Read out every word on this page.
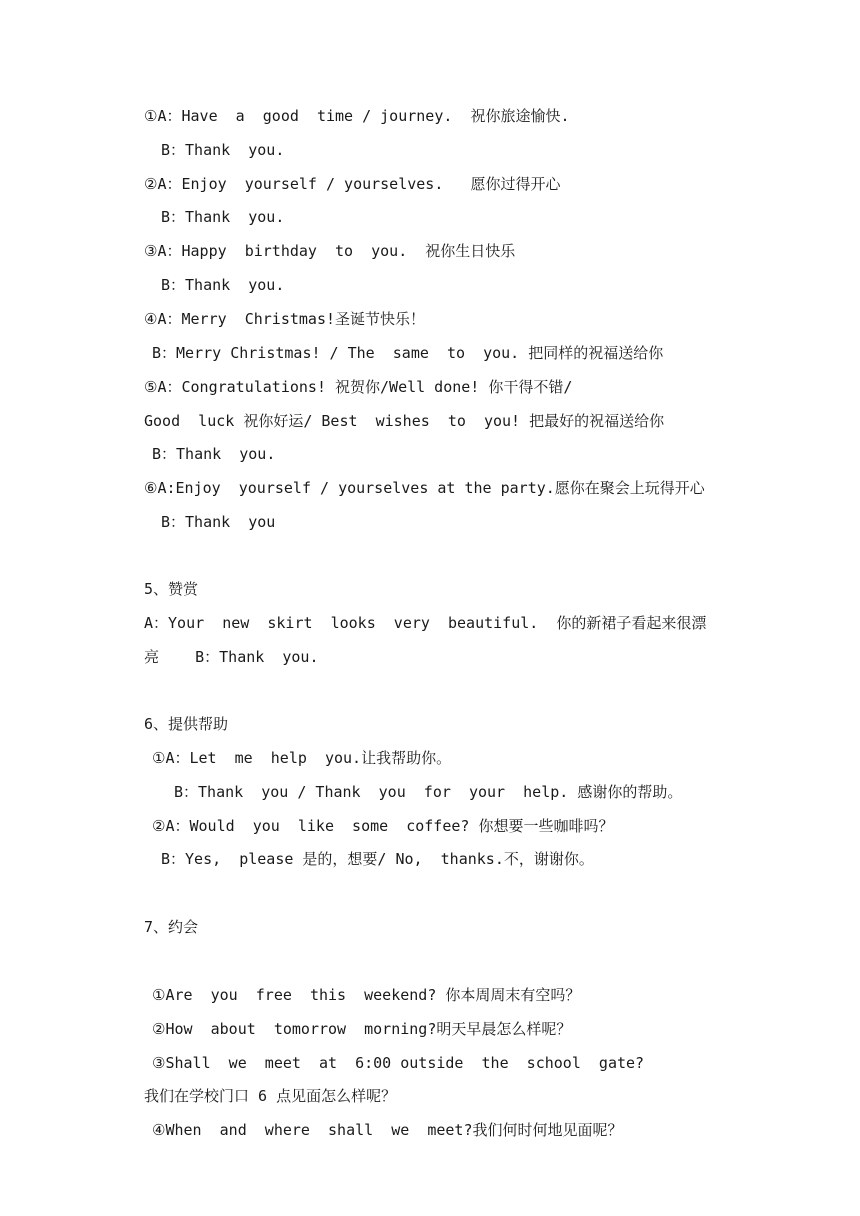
①A：Have  a  good  time / journey.  祝你旅途愉快.

B：Thank  you.

②A：Enjoy  yourself / yourselves.   愿你过得开心

B：Thank  you.

③A：Happy  birthday  to  you.  祝你生日快乐

B：Thank  you.

④A：Merry  Christmas!圣诞节快乐！

B：Merry Christmas! / The  same  to  you. 把同样的祝福送给你

⑤A：Congratulations! 祝贺你/Well done! 你干得不错/

Good  luck 祝你好运/ Best  wishes  to  you! 把最好的祝福送给你

B：Thank  you.

⑥A:Enjoy  yourself / yourselves at the party.愿你在聚会上玩得开心

B：Thank  you

5、赞赏

A：Your  new  skirt  looks  very  beautiful.  你的新裙子看起来很漂

亮    B：Thank  you.

6、提供帮助

①A：Let  me  help  you.让我帮助你。

B：Thank  you / Thank  you  for  your  help. 感谢你的帮助。

②A：Would  you  like  some  coffee? 你想要一些咖啡吗？

B：Yes,  please 是的，想要/ No,  thanks.不，谢谢你。

7、约会

①Are  you  free  this  weekend? 你本周周末有空吗？

②How  about  tomorrow  morning?明天早晨怎么样呢？

③Shall  we  meet  at  6:00 outside  the  school  gate?

我们在学校门口 6 点见面怎么样呢？

④When  and  where  shall  we  meet?我们何时何地见面呢？
